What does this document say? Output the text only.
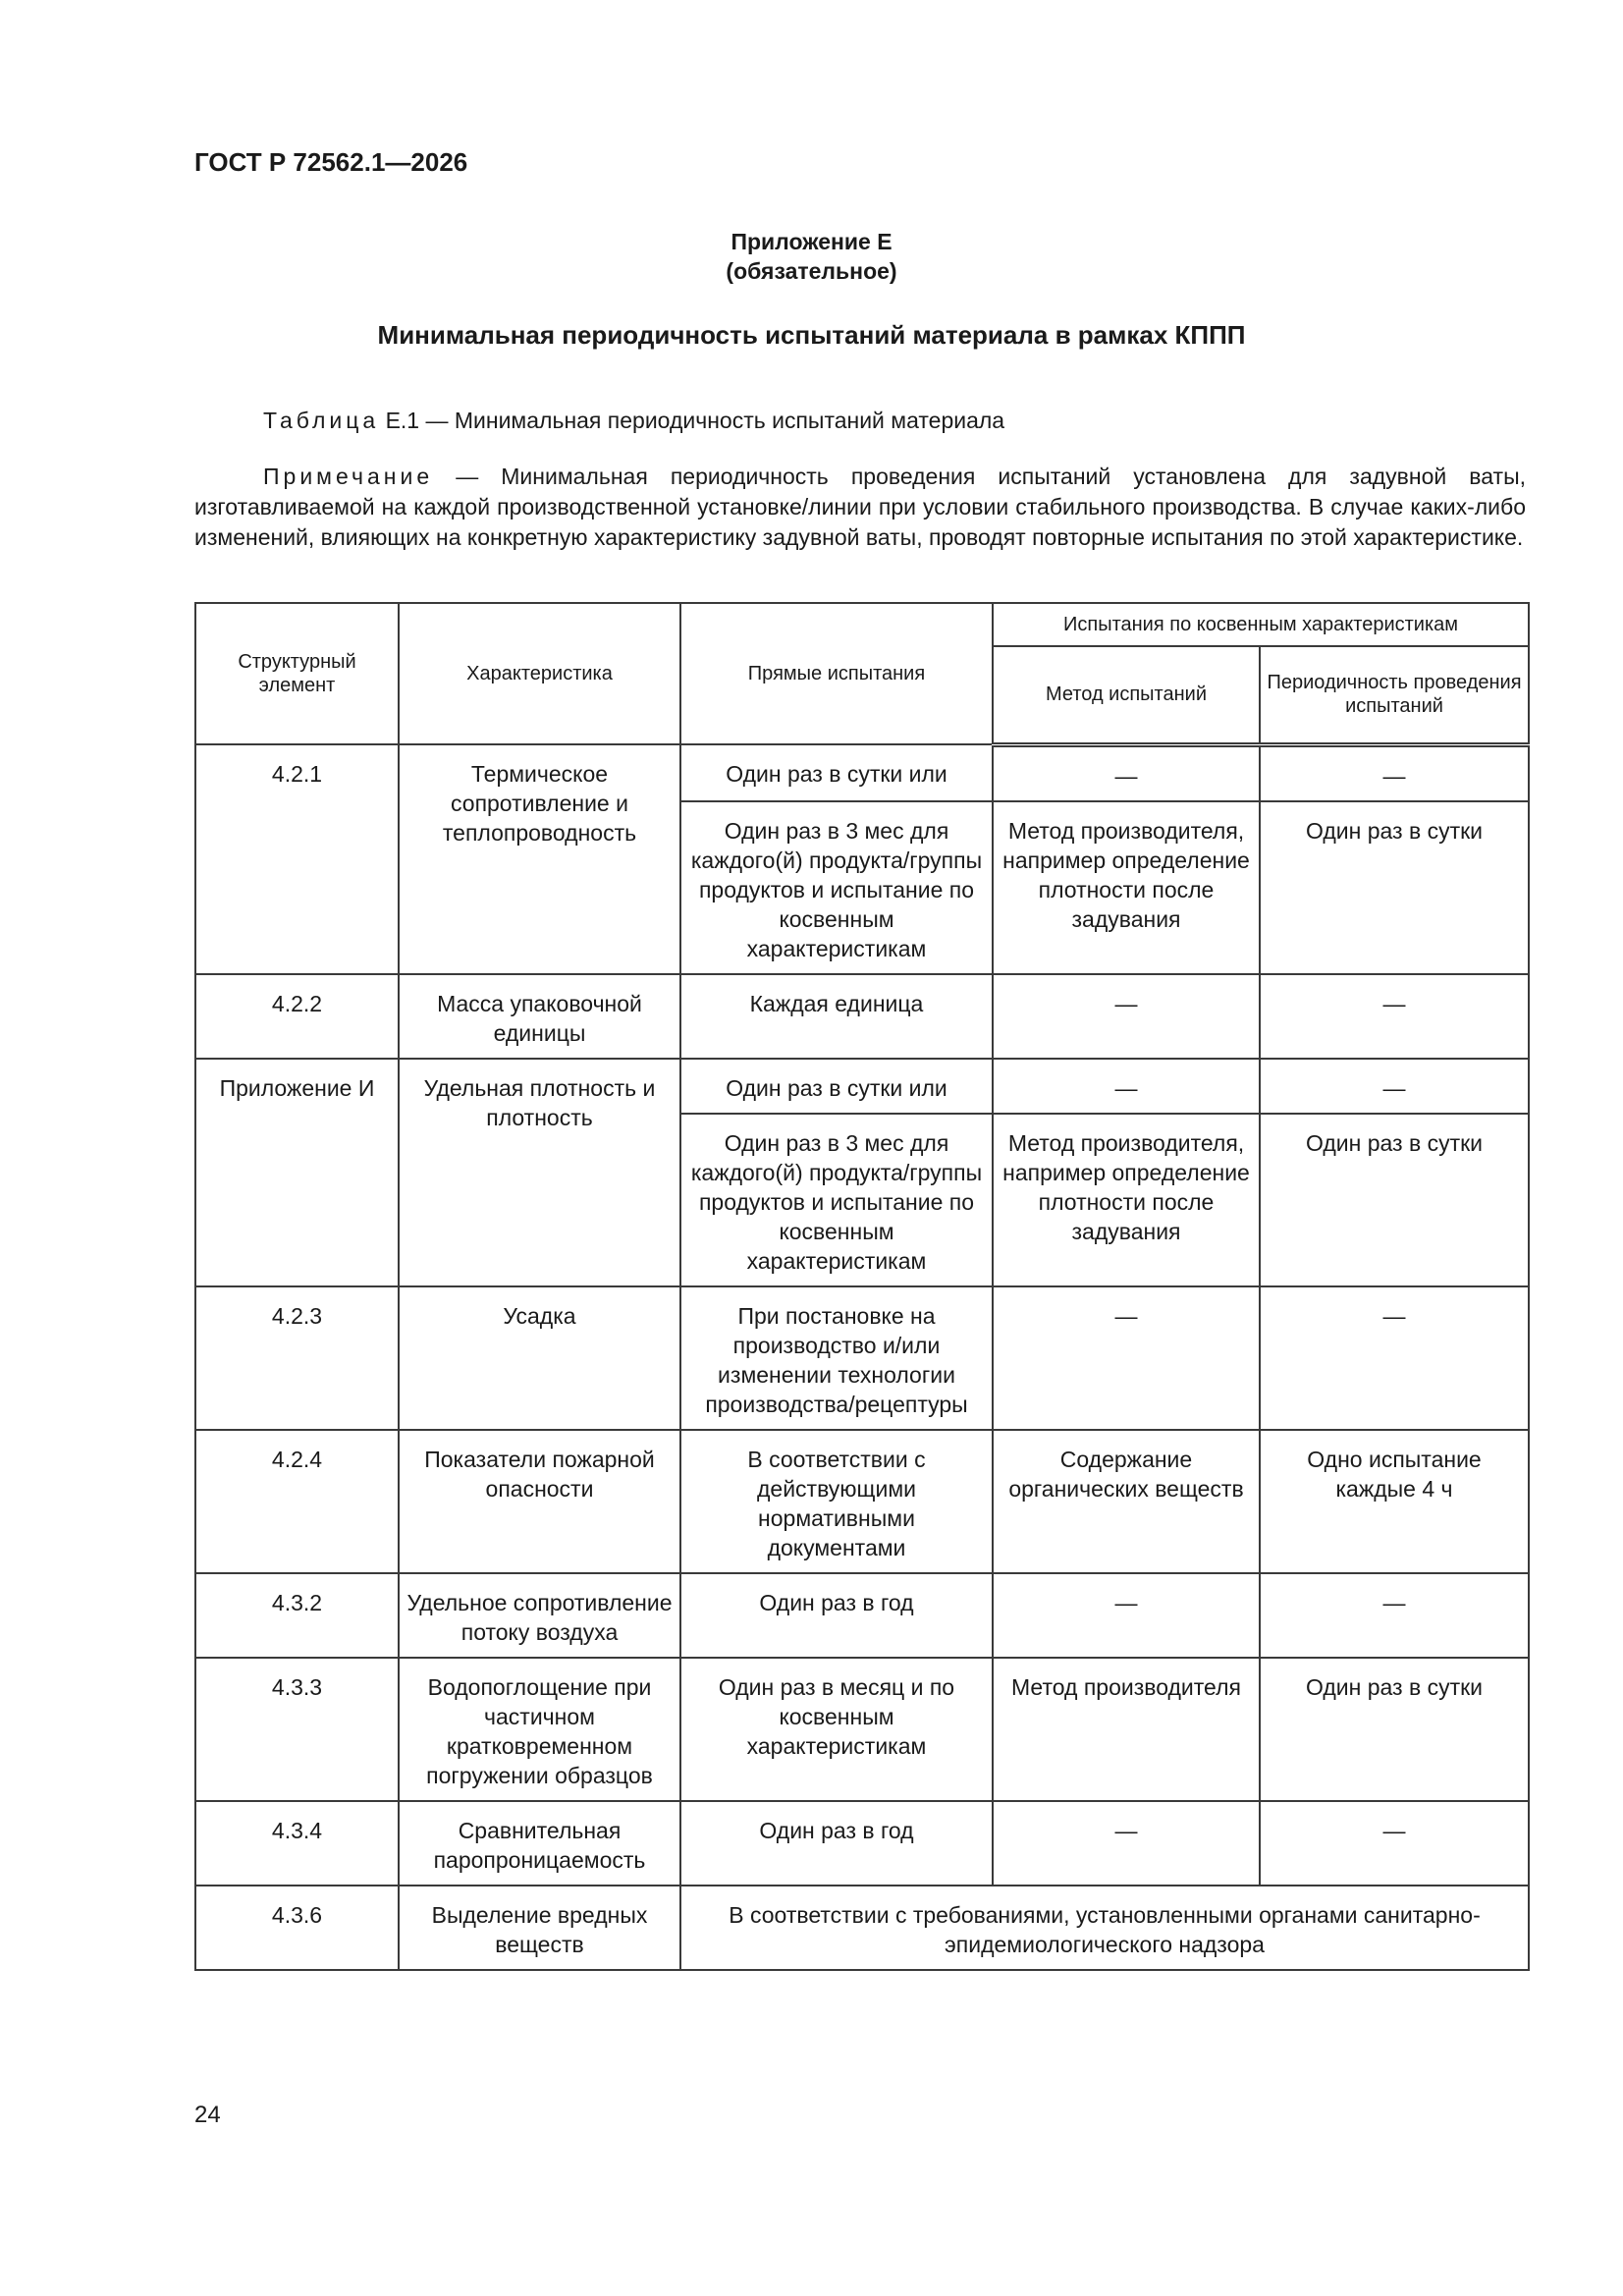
ГОСТ Р 72562.1—2026
Приложение Е
(обязательное)
Минимальная периодичность испытаний материала в рамках КППП
Таблица Е.1 — Минимальная периодичность испытаний материала
Примечание — Минимальная периодичность проведения испытаний установлена для задувной ваты, изготавливаемой на каждой производственной установке/линии при условии стабильного производства. В случае каких-либо изменений, влияющих на конкретную характеристику задувной ваты, проводят повторные испытания по этой характеристике.
Структурный элемент	Характеристика	Прямые испытания	Испытания по косвенным характеристикам	
			Метод испытаний	Периодичность проведения испытаний
4.2.1	Термическое сопротивление и теплопроводность	Один раз в сутки или	—	—
		Один раз в 3 мес для каждого(й) продукта/группы продуктов и испытание по косвенным характеристикам	Метод производителя, например определение плотности после задувания	Один раз в сутки
4.2.2	Масса упаковочной единицы	Каждая единица	—	—
Приложение И	Удельная плотность и плотность	Один раз в сутки или	—	—
		Один раз в 3 мес для каждого(й) продукта/группы продуктов и испытание по косвенным характеристикам	Метод производителя, например определение плотности после задувания	Один раз в сутки
4.2.3	Усадка	При постановке на производство и/или изменении технологии производства/рецептуры	—	—
4.2.4	Показатели пожарной опасности	В соответствии с действующими нормативными документами	Содержание органических веществ	Одно испытание каждые 4 ч
4.3.2	Удельное сопротивление потоку воздуха	Один раз в год	—	—
4.3.3	Водопоглощение при частичном кратковременном погружении образцов	Один раз в месяц и по косвенным характеристикам	Метод производителя	Один раз в сутки
4.3.4	Сравнительная паропроницаемость	Один раз в год	—	—
4.3.6	Выделение вредных веществ	В соответствии с требованиями, установленными органами санитарно-эпидемиологического надзора		
24
